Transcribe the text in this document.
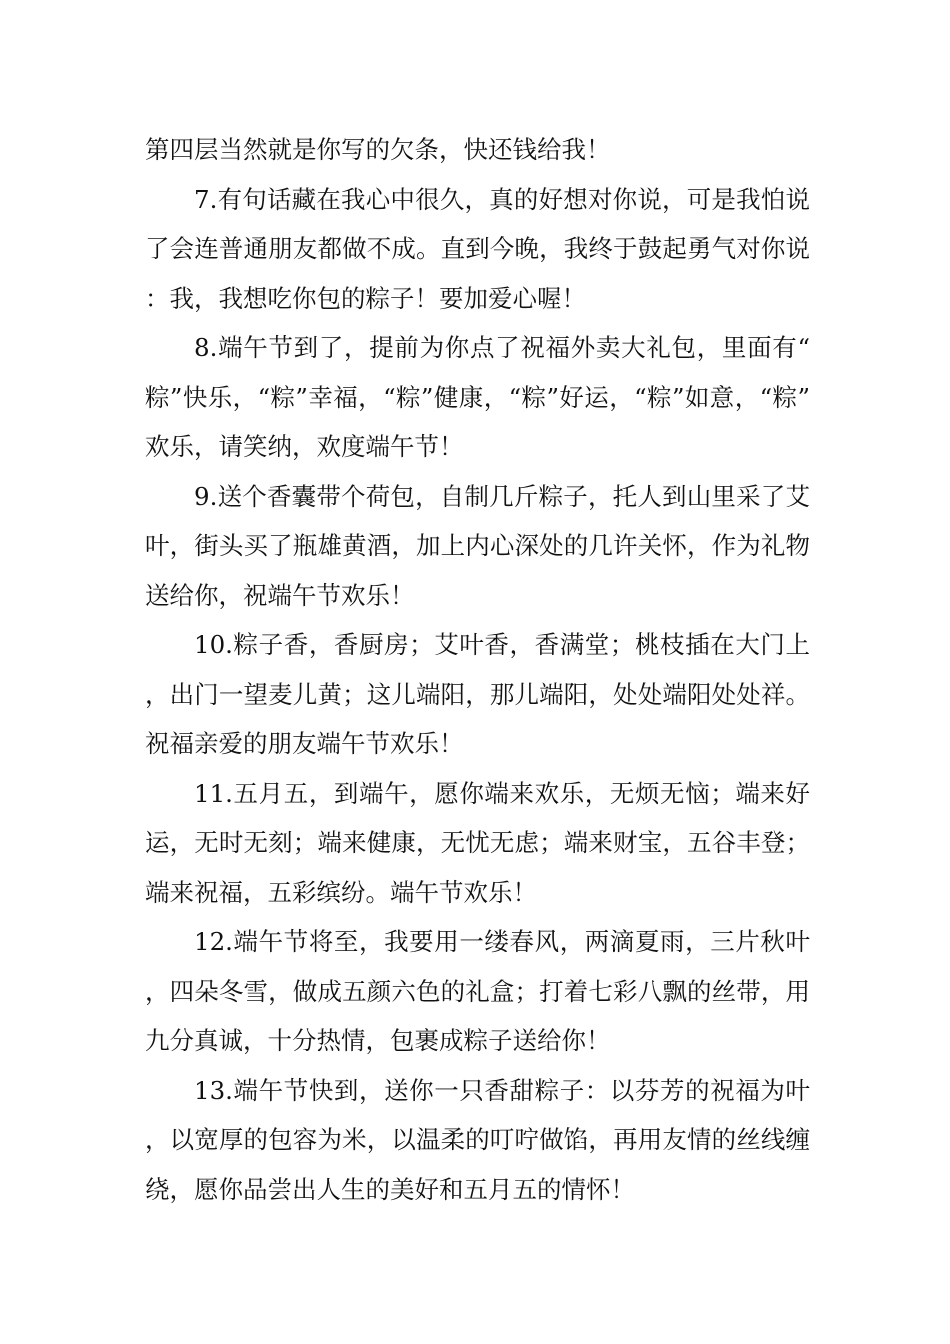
第四层当然就是你写的欠条，快还钱给我！

7.有句话藏在我心中很久，真的好想对你说，可是我怕说了会连普通朋友都做不成。直到今晚，我终于鼓起勇气对你说：我，我想吃你包的粽子！要加爱心喔！

8.端午节到了，提前为你点了祝福外卖大礼包，里面有“粽”快乐，“粽”幸福，“粽”健康，“粽”好运，“粽”如意，“粽”欢乐，请笑纳，欢度端午节！

9.送个香囊带个荷包，自制几斤粽子，托人到山里采了艾叶，街头买了瓶雄黄酒，加上内心深处的几许关怀，作为礼物送给你，祝端午节欢乐！

10.粽子香，香厨房；艾叶香，香满堂；桃枝插在大门上，出门一望麦儿黄；这儿端阳，那儿端阳，处处端阳处处祥。祝福亲爱的朋友端午节欢乐！

11.五月五，到端午，愿你端来欢乐，无烦无恼；端来好运，无时无刻；端来健康，无忧无虑；端来财宝，五谷丰登；端来祝福，五彩缤纷。端午节欢乐！

12.端午节将至，我要用一缕春风，两滴夏雨，三片秋叶，四朵冬雪，做成五颜六色的礼盒；打着七彩八飘的丝带，用九分真诚，十分热情，包裹成粽子送给你！

13.端午节快到，送你一只香甜粽子：以芬芳的祝福为叶，以宽厚的包容为米，以温柔的叮咛做馅，再用友情的丝线缠绕，愿你品尝出人生的美好和五月五的情怀！
